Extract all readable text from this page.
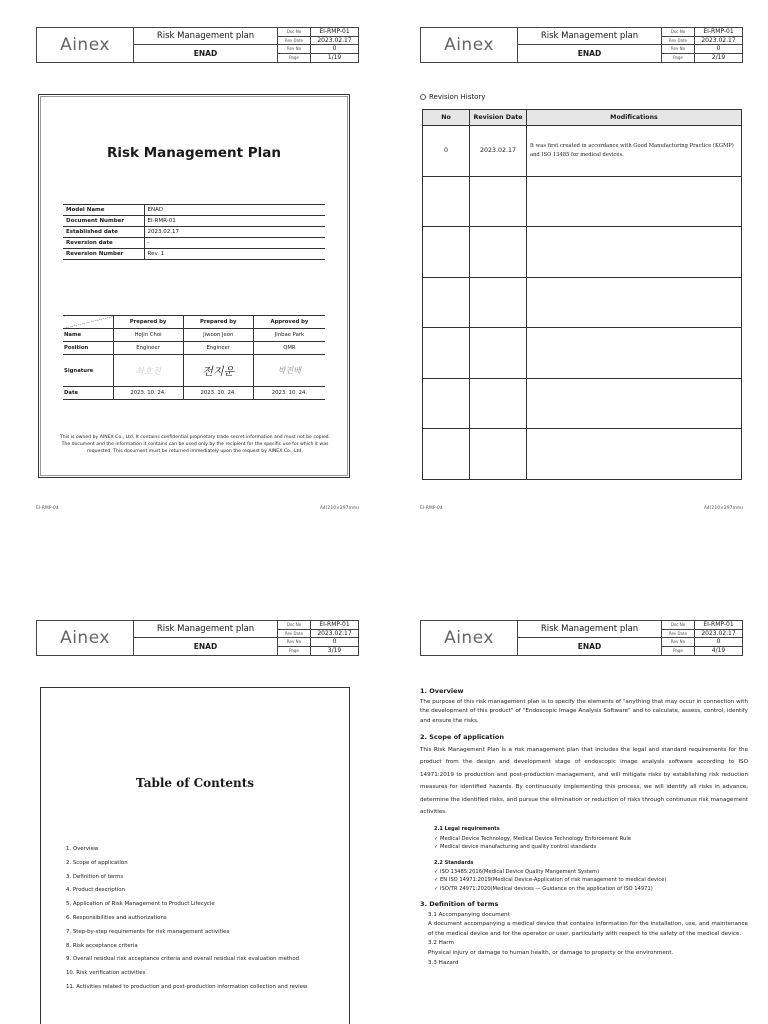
Ainex	Risk Management plan
ENAD
Doc No	EI-RMP-01
Rev Date	2023.02.17
Rev No	0
Page	1/19
Risk Management Plan
Model Name	ENAD
Document Number	EI-RMR-01
Established date	2023.02.17
Reversion date	-
Reversion Number	Rev. 1
	Prepared by	Prepared by	Approved by
Name	Hojin Choi	Jiwoon Jeon	Jinbae Park
Position	Engineer	Engineer	QMR
Signature	최호진	전지운	박진배
Date	2023. 10. 24.	2023. 10. 24.	2023. 10. 24.

This is owned by AINEX Co., Ltd. It contains confidential proprietary trade secret information and must not be copied. The document and the information it contains can be used only by the recipient for the specific use for which it was requested. This document must be returned immediately upon the request by AINEX Co., Ltd.

EI-RMP-04	A4(210×297mm)
Ainex	Risk Management plan
ENAD
Doc No	EI-RMP-01
Rev Date	2023.02.17
Rev No	0
Page	2/19
Revision History
No	Revision Date	Modifications
0	2023.02.17	It was first created in accordance with Good Manufacturing Practice (KGMP) and ISO 13485 for medical devices.

EI-RMP-04	A4(210×297mm)
Ainex	Risk Management plan
ENAD
Doc No	EI-RMP-01
Rev Date	2023.02.17
Rev No	0
Page	3/19
Table of Contents
1. Overview
2. Scope of application
3. Definition of terms
4. Product description
5. Application of Risk Management to Product Lifecycle
6. Responsibilities and authorizations
7. Step-by-step requirements for risk management activities
8. Risk acceptance criteria
9. Overall residual risk acceptance criteria and overall residual risk evaluation method
10. Risk verification activities
11. Activities related to production and post-production information collection and review
Ainex	Risk Management plan
ENAD
Doc No	EI-RMP-01
Rev Date	2023.02.17
Rev No	0
Page	4/19
1. Overview

The purpose of this risk management plan is to specify the elements of "anything that may occur in connection with the development of this product" of "Endoscopic Image Analysis Software" and to calculate, assess, control, identify and ensure the risks.

2. Scope of application

This Risk Management Plan is a risk management plan that includes the legal and standard requirements for the product from the design and development stage of endoscopic image analysis software according to ISO 14971:2019 to production and post-production management, and will mitigate risks by establishing risk reduction measures for identified hazards. By continuously implementing this process, we will identify all risks in advance, determine the identified risks, and pursue the elimination or reduction of risks through continuous risk management activities.

2.1 Legal requirements
✓ Medical Device Technology, Medical Device Technology Enforcement Rule
✓ Medical device manufacturing and quality control standards
2.2 Standards
✓ ISO 13485:2016(Medical Device Quality Mangement System)
✓ EN ISO 14971:2019(Medical Device-Application of risk management to medical device)
✓ ISO/TR 24971:2020(Medical devices — Guidance on the application of ISO 14971)
3. Definition of terms
3.1 Accompanying document

A document accompanying a medical device that contains information for the installation, use, and maintenance of the medical device and for the operator or user, particularly with respect to the safety of the medical device.

3.2 Harm

Physical injury or damage to human health, or damage to property or the environment.

3.3 Hazard
